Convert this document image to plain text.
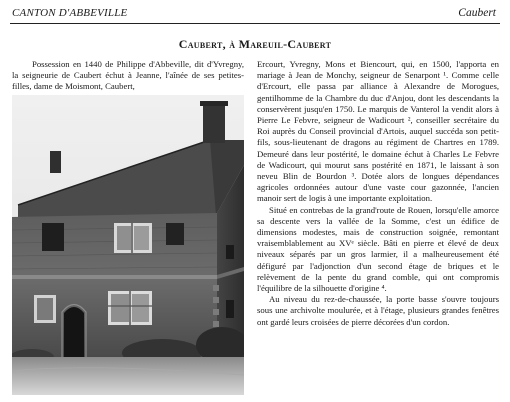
CANTON D'ABBEVILLE	Caubert
Caubert, à Mareuil-Caubert

Possession en 1440 de Philippe d'Abbeville, dit d'Yvregny, la seigneurie de Caubert échut à Jeanne, l'aînée de ses petites-filles, dame de Moismont, Caubert,

Ercourt, Yvregny, Mons et Biencourt, qui, en 1500, l'apporta en mariage à Jean de Monchy, seigneur de Senarpont ¹. Comme celle d'Ercourt, elle passa par alliance à Alexandre de Morogues, gentilhomme de la Chambre du duc d'Anjou, dont les descendants la conservèrent jusqu'en 1750. Le marquis de Vanterol la vendit alors à Pierre Le Febvre, seigneur de Wadicourt ², conseiller secrétaire du Roi auprès du Conseil provincial d'Artois, auquel succéda son petit-fils, sous-lieutenant de dragons au régiment de Chartres en 1789. Demeuré dans leur postérité, le domaine échut à Charles Le Febvre de Wadicourt, qui mourut sans postérité en 1871, le laissant à son neveu Blin de Bourdon ³. Dotée alors de longues dépendances agricoles ordonnées autour d'une vaste cour gazonnée, l'ancien manoir sert de logis à une importante exploitation.

Situé en contrebas de la grand'route de Rouen, lorsqu'elle amorce sa descente vers la vallée de la Somme, c'est un édifice de dimensions modestes, mais de construction soignée, remontant vraisemblablement au XVᵉ siècle. Bâti en pierre et élevé de deux niveaux séparés par un gros larmier, il a malheureusement été défiguré par l'adjonction d'un second étage de briques et le relèvement de la pente du grand comble, qui ont compromis l'équilibre de la silhouette d'origine ⁴.

Au niveau du rez-de-chaussée, la porte basse s'ouvre toujours sous une archivolte moulurée, et à l'étage, plusieurs grandes fenêtres ont gardé leurs croisées de pierre décorées d'un cordon.
